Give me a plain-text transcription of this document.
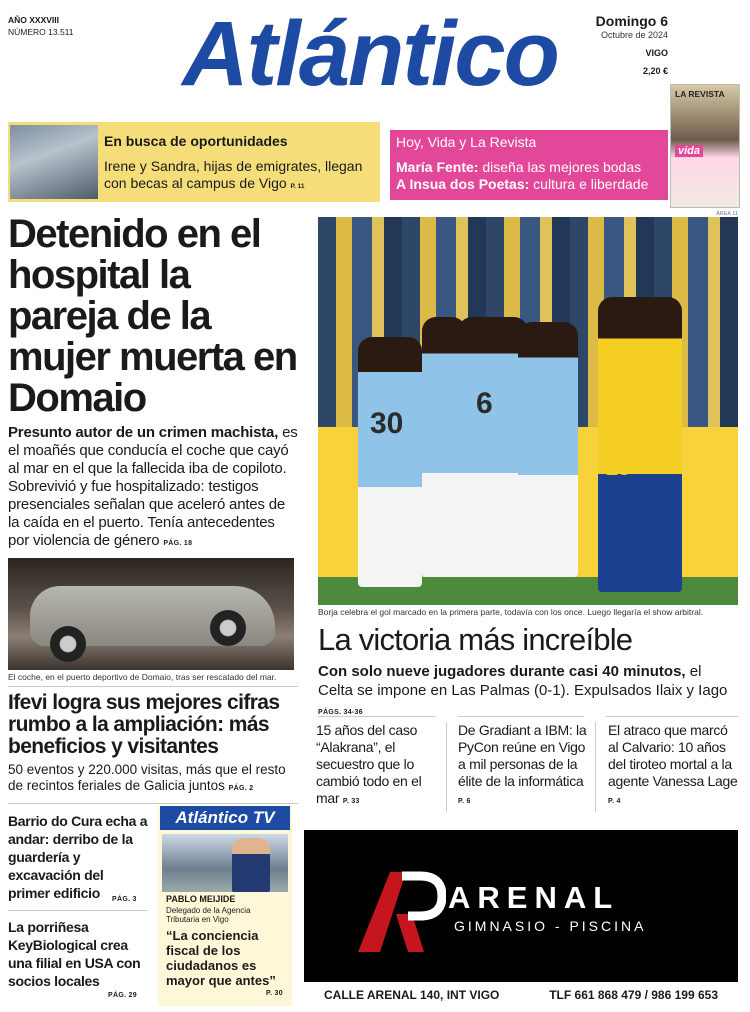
AÑO XXXVIII
NÚMERO 13.511	Atlántico	Domingo 6
Octubre de 2024
VIGO
2,20 €
LA REVISTA
vida
En busca de oportunidades
Irene y Sandra, hijas de emigrates, llegan con becas al campus de Vigo P. 11
Hoy, Vida y La Revista
María Fente: diseña las mejores bodas
A Insua dos Poetas: cultura e liberdade
Detenido en el hospital la pareja de la mujer muerta en Domaio
Presunto autor de un crimen machista, es el moañés que conducía el coche que cayó al mar en el que la fallecida iba de copiloto. Sobrevivió y fue hospitalizado: testigos presenciales señalan que aceleró antes de la caída en el puerto. Tenía antecedentes por violencia de género PÁG. 18
El coche, en el puerto deportivo de Domaio, tras ser rescatado del mar.
Ifevi logra sus mejores cifras rumbo a la ampliación: más beneficios y visitantes
50 eventos y 220.000 visitas, más que el resto de recintos feriales de Galicia juntos PÁG. 2
Barrio do Cura echa a andar: derribo de la guardería y excavación del primer edificio	PÁG. 3
La porriñesa KeyBiological crea una filial en USA con socios locales
PÁG. 29
Atlántico TV
PABLO MEIJIDE
Delegado de la Agencia Tributaria en Vigo
“La conciencia fiscal de los ciudadanos es mayor que antes”
P. 30
ÁREA 11
30
6
23
Borja celebra el gol marcado en la primera parte, todavía con los once. Luego llegaría el show arbitral.
La victoria más increíble
Con solo nueve jugadores durante casi 40 minutos, el Celta se impone en Las Palmas (0-1). Expulsados Ilaix y Iago PÁGS. 34-36
15 años del caso “Alakrana”, el secuestro que lo cambió todo en el mar P. 33
De Gradiant a IBM: la PyCon reúne en Vigo a mil personas de la élite de la informática P. 6
El atraco que marcó al Calvario: 10 años del tiroteo mortal a la agente Vanessa Lage P. 4
ARENAL
GIMNASIO - PISCINA
CALLE ARENAL 140, INT VIGO	TLF 661 868 479 / 986 199 653
